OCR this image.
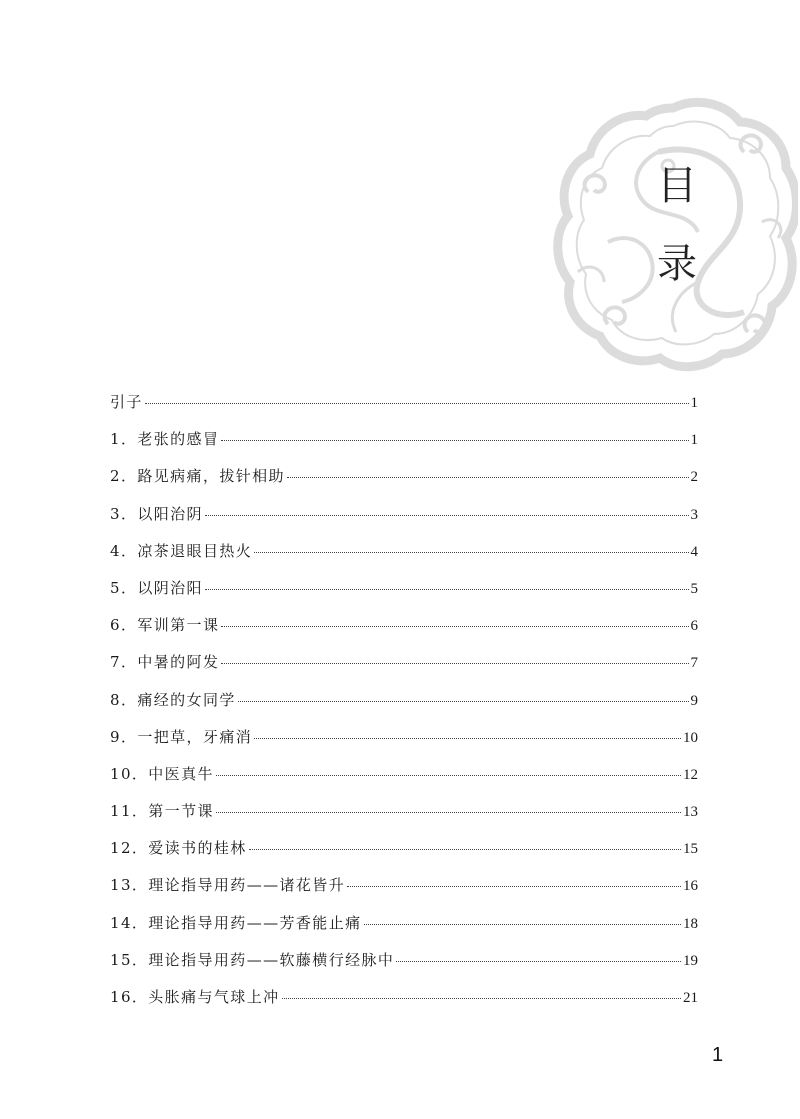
目
录
引子	1
1．老张的感冒	1
2．路见病痛，拔针相助	2
3．以阳治阴	3
4．凉茶退眼目热火	4
5．以阴治阳	5
6．军训第一课	6
7．中暑的阿发	7
8．痛经的女同学	9
9．一把草，牙痛消	10
10．中医真牛	12
11．第一节课	13
12．爱读书的桂林	15
13．理论指导用药——诸花皆升	16
14．理论指导用药——芳香能止痛	18
15．理论指导用药——软藤横行经脉中	19
16．头胀痛与气球上冲	21
1
